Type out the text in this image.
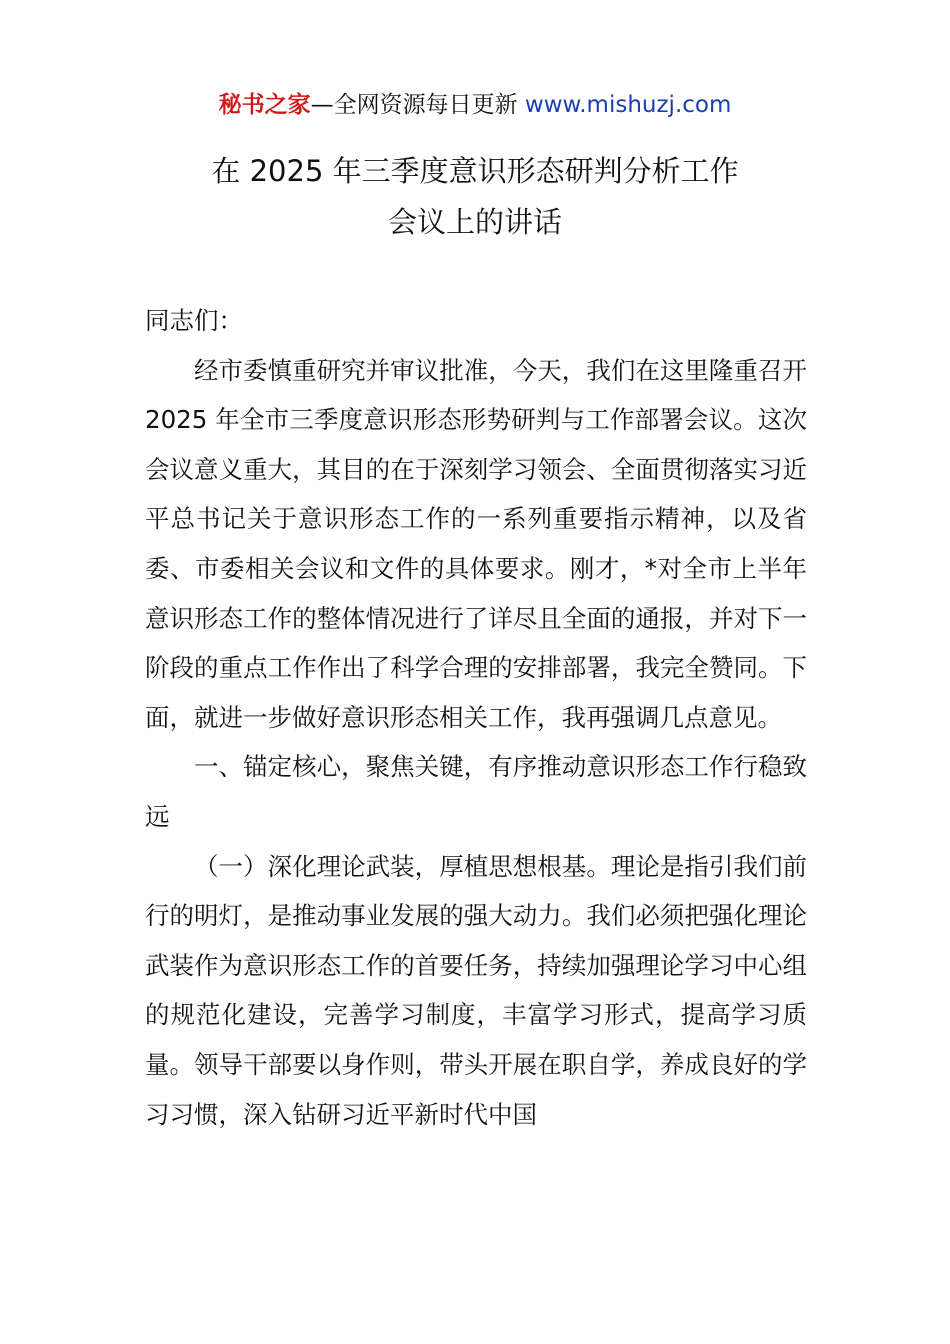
秘书之家—全网资源每日更新 www.mishuzj.com
在 2025 年三季度意识形态研判分析工作
会议上的讲话

同志们：

经市委慎重研究并审议批准，今天，我们在这里隆重召开 2025 年全市三季度意识形态形势研判与工作部署会议。这次会议意义重大，其目的在于深刻学习领会、全面贯彻落实习近平总书记关于意识形态工作的一系列重要指示精神，以及省委、市委相关会议和文件的具体要求。刚才，*对全市上半年意识形态工作的整体情况进行了详尽且全面的通报，并对下一阶段的重点工作作出了科学合理的安排部署，我完全赞同。下面，就进一步做好意识形态相关工作，我再强调几点意见。

一、锚定核心，聚焦关键，有序推动意识形态工作行稳致远

（一）深化理论武装，厚植思想根基。理论是指引我们前行的明灯，是推动事业发展的强大动力。我们必须把强化理论武装作为意识形态工作的首要任务，持续加强理论学习中心组的规范化建设，完善学习制度，丰富学习形式，提高学习质量。领导干部要以身作则，带头开展在职自学，养成良好的学习习惯，深入钻研习近平新时代中国
